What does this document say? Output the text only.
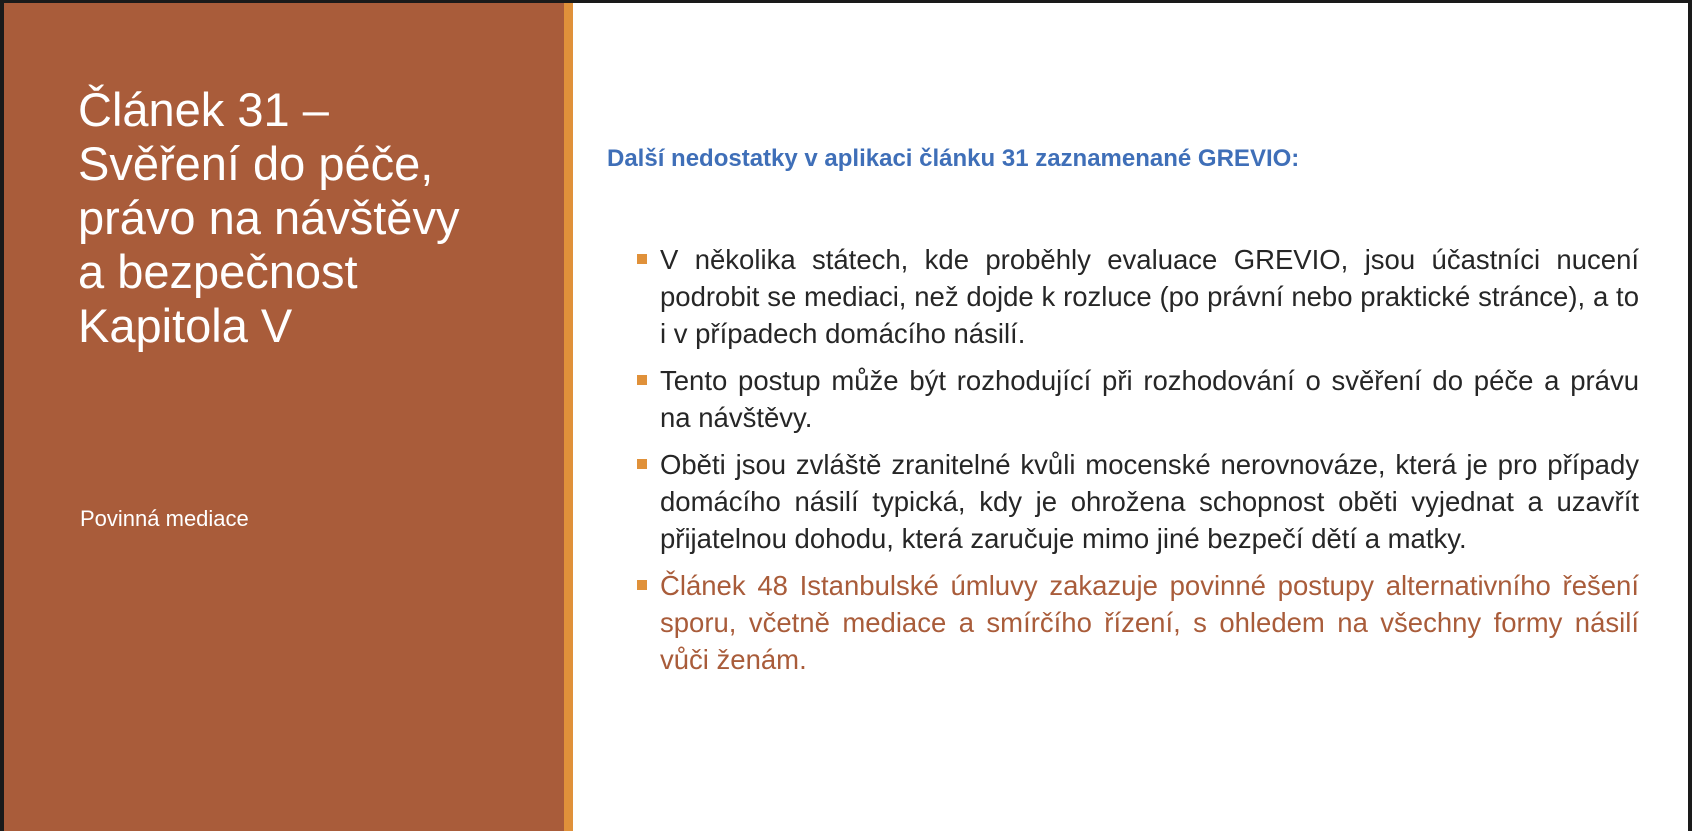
Článek 31 –
Svěření do péče,
právo na návštěvy
a bezpečnost
Kapitola V
Povinná mediace
Další nedostatky v aplikaci článku 31 zaznamenané GREVIO:
V několika státech, kde proběhly evaluace GREVIO, jsou účastníci nucení podrobit se mediaci, než dojde k rozluce (po právní nebo praktické stránce), a to i v případech domácího násilí.
Tento postup může být rozhodující při rozhodování o svěření do péče a právu na návštěvy.
Oběti jsou zvláště zranitelné kvůli mocenské nerovnováze, která je pro případy domácího násilí typická, kdy je ohrožena schopnost oběti vyjednat a uzavřít přijatelnou dohodu, která zaručuje mimo jiné bezpečí dětí a matky.
Článek 48 Istanbulské úmluvy zakazuje povinné postupy alternativního řešení sporu, včetně mediace a smírčího řízení, s ohledem na všechny formy násilí vůči ženám.
